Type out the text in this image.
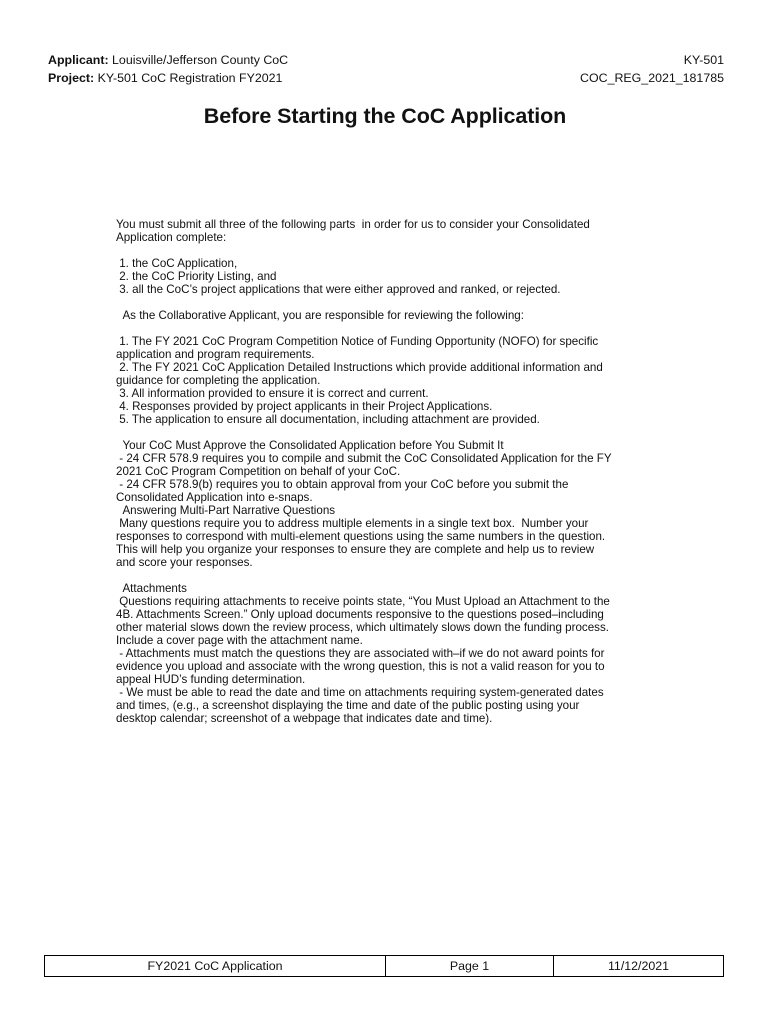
Applicant: Louisville/Jefferson County CoC	KY-501
Project: KY-501 CoC Registration FY2021	COC_REG_2021_181785
Before Starting the CoC Application
You must submit all three of the following parts  in order for us to consider your Consolidated
Application complete:
1. the CoC Application,
2. the CoC Priority Listing, and
3. all the CoC’s project applications that were either approved and ranked, or rejected.
As the Collaborative Applicant, you are responsible for reviewing the following:
1. The FY 2021 CoC Program Competition Notice of Funding Opportunity (NOFO) for specific
application and program requirements.
2. The FY 2021 CoC Application Detailed Instructions which provide additional information and
guidance for completing the application.
3. All information provided to ensure it is correct and current.
4. Responses provided by project applicants in their Project Applications.
5. The application to ensure all documentation, including attachment are provided.
Your CoC Must Approve the Consolidated Application before You Submit It
- 24 CFR 578.9 requires you to compile and submit the CoC Consolidated Application for the FY
2021 CoC Program Competition on behalf of your CoC.
- 24 CFR 578.9(b) requires you to obtain approval from your CoC before you submit the
Consolidated Application into e-snaps.
Answering Multi-Part Narrative Questions
Many questions require you to address multiple elements in a single text box.  Number your
responses to correspond with multi-element questions using the same numbers in the question.
This will help you organize your responses to ensure they are complete and help us to review
and score your responses.
Attachments
Questions requiring attachments to receive points state, “You Must Upload an Attachment to the
4B. Attachments Screen.” Only upload documents responsive to the questions posed–including
other material slows down the review process, which ultimately slows down the funding process.
Include a cover page with the attachment name.
- Attachments must match the questions they are associated with–if we do not award points for
evidence you upload and associate with the wrong question, this is not a valid reason for you to
appeal HUD’s funding determination.
- We must be able to read the date and time on attachments requiring system-generated dates
and times, (e.g., a screenshot displaying the time and date of the public posting using your
desktop calendar; screenshot of a webpage that indicates date and time).
FY2021 CoC Application	Page 1	11/12/2021
